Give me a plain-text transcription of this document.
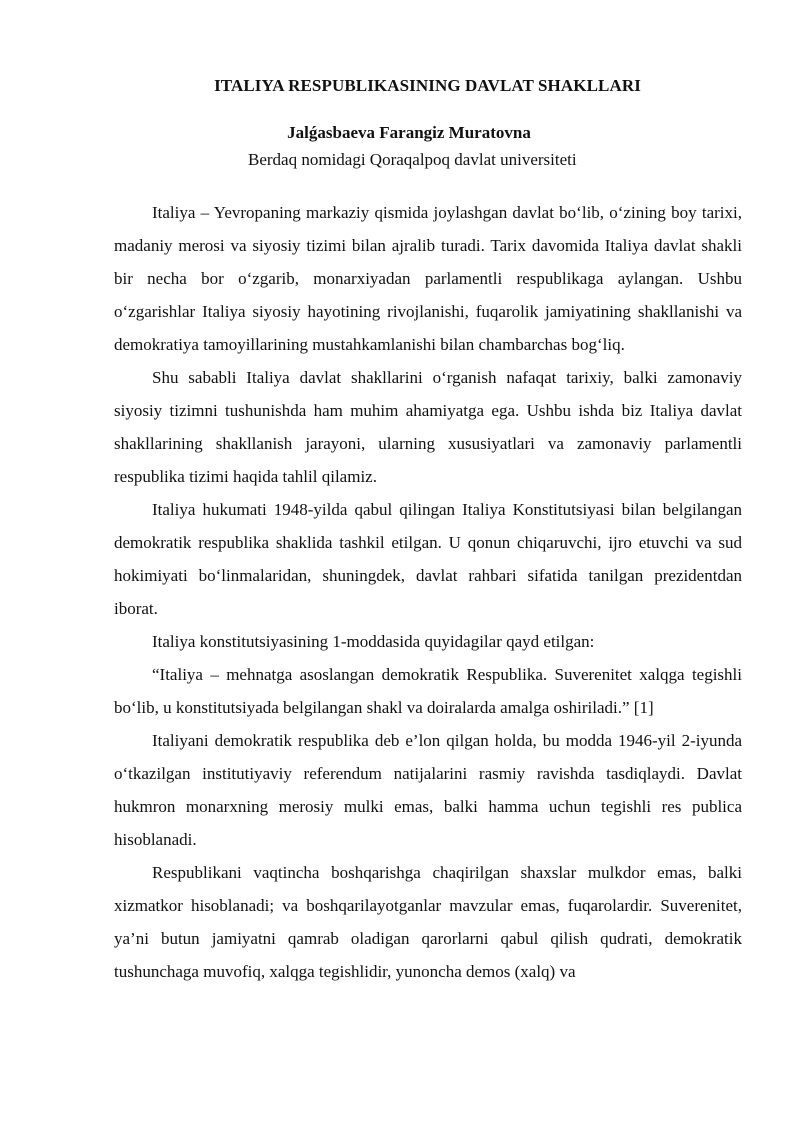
ITALIYA RESPUBLIKASINING DAVLAT SHAKLLARI
Jalǵasbaeva Farangiz Muratovna
Berdaq nomidagi Qoraqalpoq davlat universiteti

Italiya – Yevropaning markaziy qismida joylashgan davlat bo‘lib, o‘zining boy tarixi, madaniy merosi va siyosiy tizimi bilan ajralib turadi. Tarix davomida Italiya davlat shakli bir necha bor o‘zgarib, monarxiyadan parlamentli respublikaga aylangan. Ushbu o‘zgarishlar Italiya siyosiy hayotining rivojlanishi, fuqarolik jamiyatining shakllanishi va demokratiya tamoyillarining mustahkamlanishi bilan chambarchas bog‘liq.

Shu sababli Italiya davlat shakllarini o‘rganish nafaqat tarixiy, balki zamonaviy siyosiy tizimni tushunishda ham muhim ahamiyatga ega. Ushbu ishda biz Italiya davlat shakllarining shakllanish jarayoni, ularning xususiyatlari va zamonaviy parlamentli respublika tizimi haqida tahlil qilamiz.

Italiya hukumati 1948-yilda qabul qilingan Italiya Konstitutsiyasi bilan belgilangan demokratik respublika shaklida tashkil etilgan. U qonun chiqaruvchi, ijro etuvchi va sud hokimiyati bo‘linmalaridan, shuningdek, davlat rahbari sifatida tanilgan prezidentdan iborat.

Italiya konstitutsiyasining 1-moddasida quyidagilar qayd etilgan:

“Italiya – mehnatga asoslangan demokratik Respublika. Suverenitet xalqga tegishli bo‘lib, u konstitutsiyada belgilangan shakl va doiralarda amalga oshiriladi.” [1]

Italiyani demokratik respublika deb e’lon qilgan holda, bu modda 1946-yil 2-iyunda o‘tkazilgan institutiyaviy referendum natijalarini rasmiy ravishda tasdiqlaydi. Davlat hukmron monarxning merosiy mulki emas, balki hamma uchun tegishli res publica hisoblanadi.

Respublikani vaqtincha boshqarishga chaqirilgan shaxslar mulkdor emas, balki xizmatkor hisoblanadi; va boshqarilayotganlar mavzular emas, fuqarolardir. Suverenitet, ya’ni butun jamiyatni qamrab oladigan qarorlarni qabul qilish qudrati, demokratik tushunchaga muvofiq, xalqga tegishlidir, yunoncha demos (xalq) va
